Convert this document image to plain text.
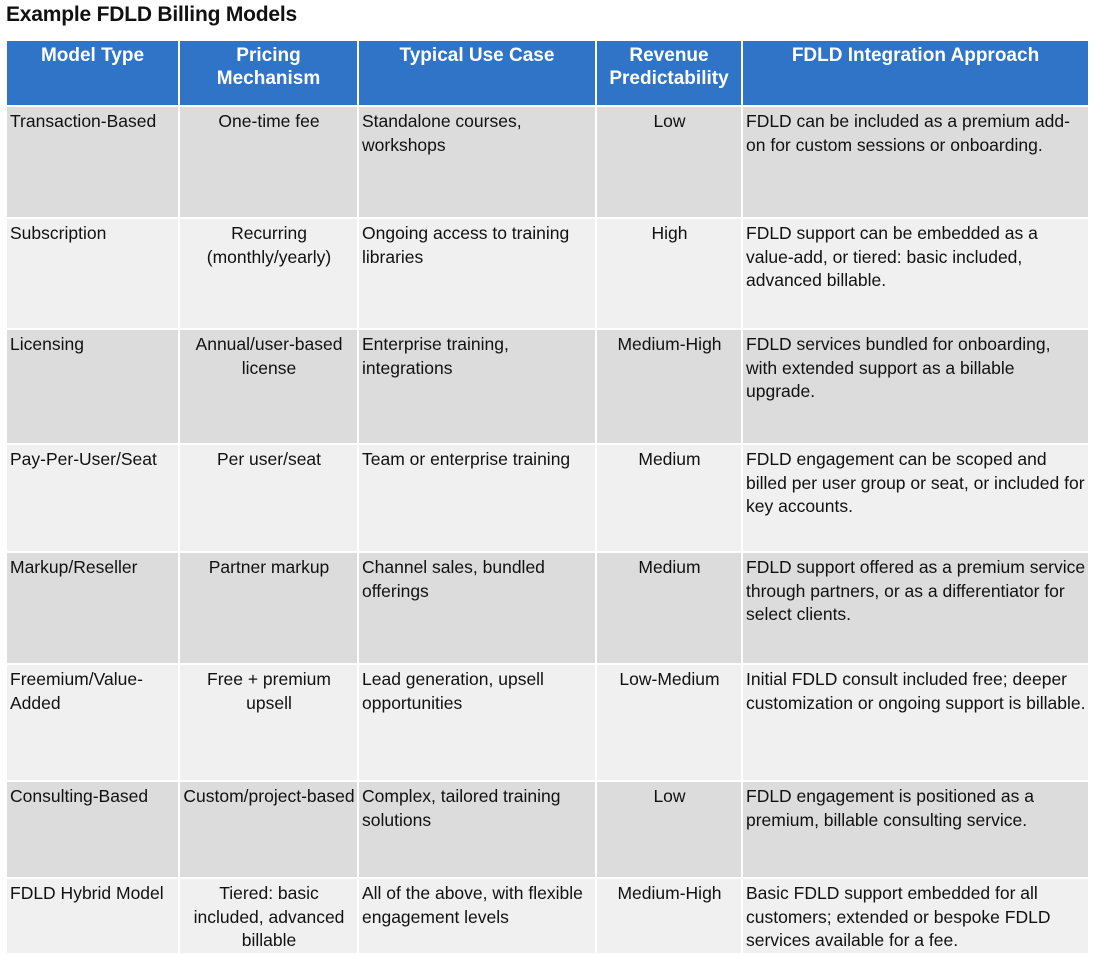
Example FDLD Billing Models
Model Type	Pricing Mechanism	Typical Use Case	Revenue Predictability	FDLD Integration Approach
Transaction-Based	One-time fee	Standalone courses, workshops	Low	FDLD can be included as a premium add-on for custom sessions or onboarding.
Subscription	Recurring (monthly/yearly)	Ongoing access to training libraries	High	FDLD support can be embedded as a value-add, or tiered: basic included, advanced billable.
Licensing	Annual/user-based license	Enterprise training, integrations	Medium-High	FDLD services bundled for onboarding, with extended support as a billable upgrade.
Pay-Per-User/Seat	Per user/seat	Team or enterprise training	Medium	FDLD engagement can be scoped and billed per user group or seat, or included for key accounts.
Markup/Reseller	Partner markup	Channel sales, bundled offerings	Medium	FDLD support offered as a premium service through partners, or as a differentiator for select clients.
Freemium/Value-Added	Free + premium upsell	Lead generation, upsell opportunities	Low-Medium	Initial FDLD consult included free; deeper customization or ongoing support is billable.
Consulting-Based	Custom/project-based	Complex, tailored training solutions	Low	FDLD engagement is positioned as a premium, billable consulting service.
FDLD Hybrid Model	Tiered: basic included, advanced billable	All of the above, with flexible engagement levels	Medium-High	Basic FDLD support embedded for all customers; extended or bespoke FDLD services available for a fee.
